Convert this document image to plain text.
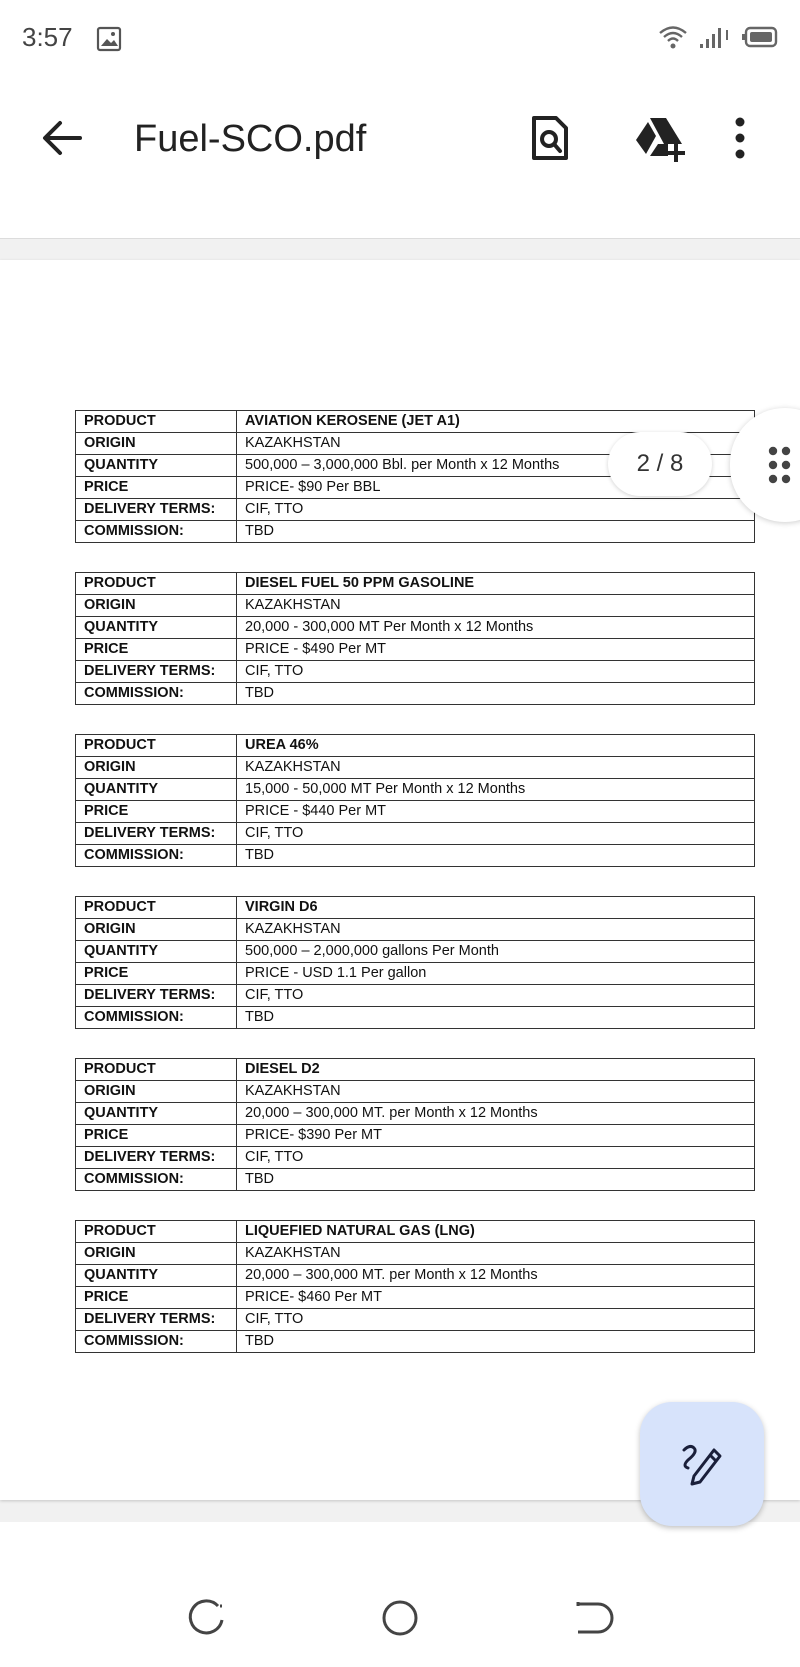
3:57
Fuel-SCO.pdf
PRODUCT	AVIATION KEROSENE (JET A1)
ORIGIN	KAZAKHSTAN
QUANTITY	500,000 – 3,000,000 Bbl. per Month x 12 Months
PRICE	PRICE- $90 Per BBL
DELIVERY TERMS:	CIF, TTO
COMMISSION:	TBD
PRODUCT	DIESEL FUEL 50 PPM GASOLINE
ORIGIN	KAZAKHSTAN
QUANTITY	20,000 - 300,000 MT Per Month x 12 Months
PRICE	PRICE - $490 Per MT
DELIVERY TERMS:	CIF, TTO
COMMISSION:	TBD
PRODUCT	UREA 46%
ORIGIN	KAZAKHSTAN
QUANTITY	15,000 - 50,000 MT Per Month x 12 Months
PRICE	PRICE - $440 Per MT
DELIVERY TERMS:	CIF, TTO
COMMISSION:	TBD
PRODUCT	VIRGIN D6
ORIGIN	KAZAKHSTAN
QUANTITY	500,000 – 2,000,000 gallons Per Month
PRICE	PRICE - USD 1.1 Per gallon
DELIVERY TERMS:	CIF, TTO
COMMISSION:	TBD
PRODUCT	DIESEL D2
ORIGIN	KAZAKHSTAN
QUANTITY	20,000 – 300,000 MT. per Month x 12 Months
PRICE	PRICE- $390 Per MT
DELIVERY TERMS:	CIF, TTO
COMMISSION:	TBD
PRODUCT	LIQUEFIED NATURAL GAS (LNG)
ORIGIN	KAZAKHSTAN
QUANTITY	20,000 – 300,000 MT. per Month x 12 Months
PRICE	PRICE- $460 Per MT
DELIVERY TERMS:	CIF, TTO
COMMISSION:	TBD
2 / 8
